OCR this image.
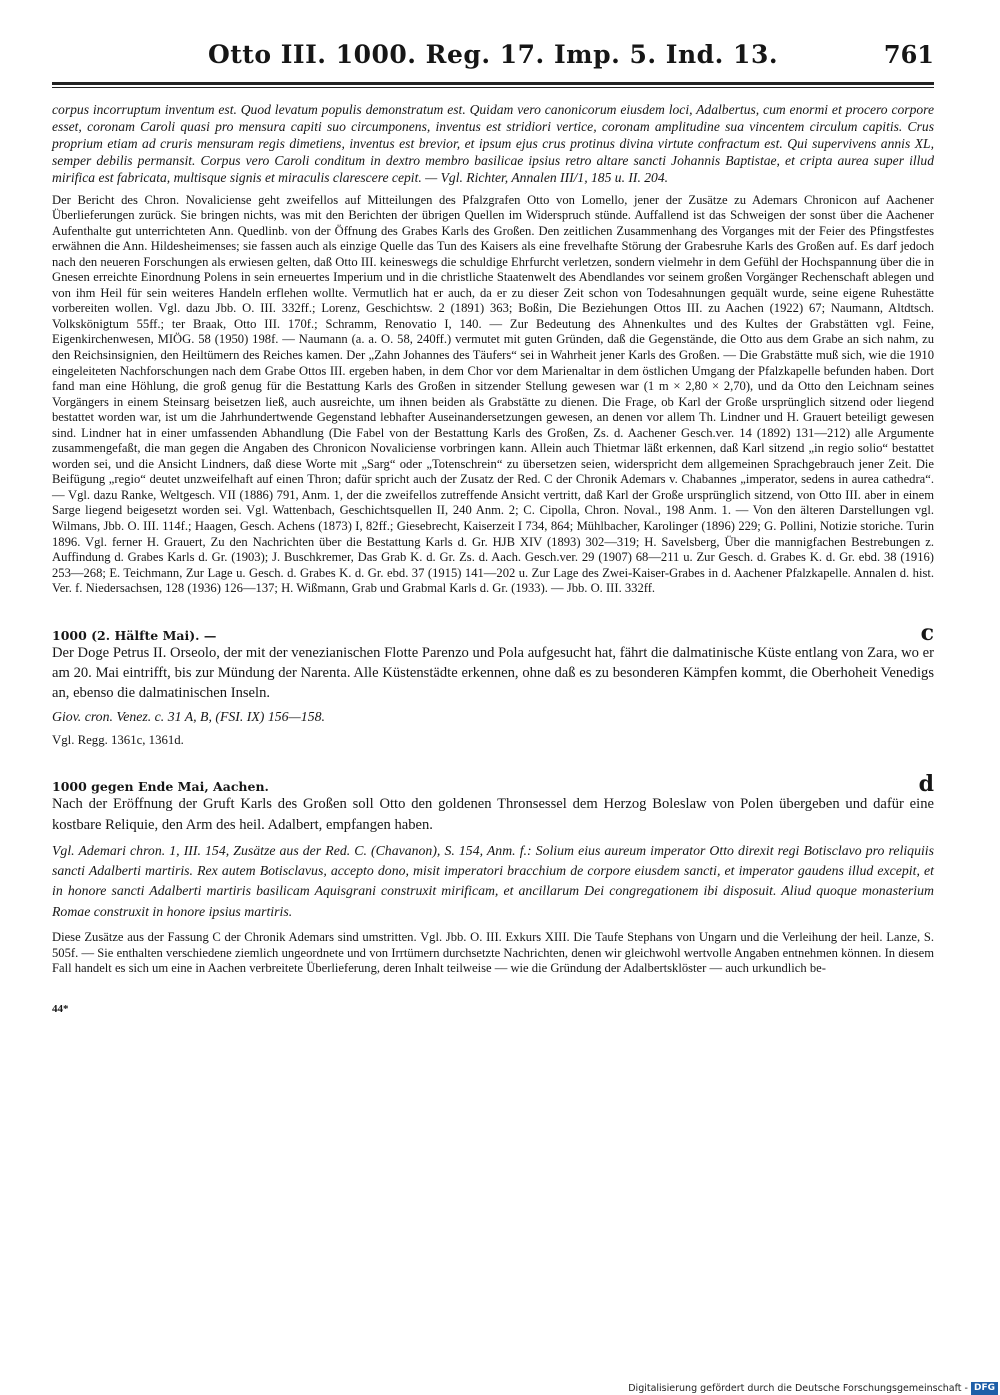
Otto III. 1000. Reg. 17. Imp. 5. Ind. 13.	761

corpus incorruptum inventum est. Quod levatum populis demonstratum est. Quidam vero canonicorum eiusdem loci, Adalbertus, cum enormi et procero corpore esset, coronam Caroli quasi pro mensura capiti suo circumponens, inventus est stridiori vertice, coronam amplitudine sua vincentem circulum capitis. Crus proprium etiam ad cruris mensuram regis dimetiens, inventus est brevior, et ipsum ejus crus protinus divina virtute confractum est. Qui supervivens annis XL, semper debilis permansit. Corpus vero Caroli conditum in dextro membro basilicae ipsius retro altare sancti Johannis Baptistae, et cripta aurea super illud mirifica est fabricata, multisque signis et miraculis clarescere cepit. — Vgl. Richter, Annalen III/1, 185 u. II. 204.

Der Bericht des Chron. Novaliciense geht zweifellos auf Mitteilungen des Pfalzgrafen Otto von Lomello, jener der Zusätze zu Ademars Chronicon auf Aachener Überlieferungen zurück. Sie bringen nichts, was mit den Berichten der übrigen Quellen im Widerspruch stünde. Auffallend ist das Schweigen der sonst über die Aachener Aufenthalte gut unterrichteten Ann. Quedlinb. von der Öffnung des Grabes Karls des Großen. Den zeitlichen Zusammenhang des Vorganges mit der Feier des Pfingstfestes erwähnen die Ann. Hildesheimenses; sie fassen auch als einzige Quelle das Tun des Kaisers als eine frevelhafte Störung der Grabesruhe Karls des Großen auf. Es darf jedoch nach den neueren Forschungen als erwiesen gelten, daß Otto III. keineswegs die schuldige Ehrfurcht verletzen, sondern vielmehr in dem Gefühl der Hochspannung über die in Gnesen erreichte Einordnung Polens in sein erneuertes Imperium und in die christliche Staatenwelt des Abendlandes vor seinem großen Vorgänger Rechenschaft ablegen und von ihm Heil für sein weiteres Handeln erflehen wollte. Vermutlich hat er auch, da er zu dieser Zeit schon von Todesahnungen gequält wurde, seine eigene Ruhestätte vorbereiten wollen. Vgl. dazu Jbb. O. III. 332ff.; Lorenz, Geschichtsw. 2 (1891) 363; Boßin, Die Beziehungen Ottos III. zu Aachen (1922) 67; Naumann, Altdtsch. Volkskönigtum 55ff.; ter Braak, Otto III. 170f.; Schramm, Renovatio I, 140. — Zur Bedeutung des Ahnenkultes und des Kultes der Grabstätten vgl. Feine, Eigenkirchenwesen, MIÖG. 58 (1950) 198f. — Naumann (a. a. O. 58, 240ff.) vermutet mit guten Gründen, daß die Gegenstände, die Otto aus dem Grabe an sich nahm, zu den Reichsinsignien, den Heiltümern des Reiches kamen. Der „Zahn Johannes des Täufers“ sei in Wahrheit jener Karls des Großen. — Die Grabstätte muß sich, wie die 1910 eingeleiteten Nachforschungen nach dem Grabe Ottos III. ergeben haben, in dem Chor vor dem Marienaltar in dem östlichen Umgang der Pfalzkapelle befunden haben. Dort fand man eine Höhlung, die groß genug für die Bestattung Karls des Großen in sitzender Stellung gewesen war (1 m × 2,80 × 2,70), und da Otto den Leichnam seines Vorgängers in einem Steinsarg beisetzen ließ, auch ausreichte, um ihnen beiden als Grabstätte zu dienen. Die Frage, ob Karl der Große ursprünglich sitzend oder liegend bestattet worden war, ist um die Jahrhundertwende Gegenstand lebhafter Auseinandersetzungen gewesen, an denen vor allem Th. Lindner und H. Grauert beteiligt gewesen sind. Lindner hat in einer umfassenden Abhandlung (Die Fabel von der Bestattung Karls des Großen, Zs. d. Aachener Gesch.ver. 14 (1892) 131—212) alle Argumente zusammengefaßt, die man gegen die Angaben des Chronicon Novaliciense vorbringen kann. Allein auch Thietmar läßt erkennen, daß Karl sitzend „in regio solio“ bestattet worden sei, und die Ansicht Lindners, daß diese Worte mit „Sarg“ oder „Totenschrein“ zu übersetzen seien, widerspricht dem allgemeinen Sprachgebrauch jener Zeit. Die Beifügung „regio“ deutet unzweifelhaft auf einen Thron; dafür spricht auch der Zusatz der Red. C der Chronik Ademars v. Chabannes „imperator, sedens in aurea cathedra“. — Vgl. dazu Ranke, Weltgesch. VII (1886) 791, Anm. 1, der die zweifellos zutreffende Ansicht vertritt, daß Karl der Große ursprünglich sitzend, von Otto III. aber in einem Sarge liegend beigesetzt worden sei. Vgl. Wattenbach, Geschichtsquellen II, 240 Anm. 2; C. Cipolla, Chron. Noval., 198 Anm. 1. — Von den älteren Darstellungen vgl. Wilmans, Jbb. O. III. 114f.; Haagen, Gesch. Achens (1873) I, 82ff.; Giesebrecht, Kaiserzeit I 734, 864; Mühlbacher, Karolinger (1896) 229; G. Pollini, Notizie storiche. Turin 1896. Vgl. ferner H. Grauert, Zu den Nachrichten über die Bestattung Karls d. Gr. HJB XIV (1893) 302—319; H. Savelsberg, Über die mannigfachen Bestrebungen z. Auffindung d. Grabes Karls d. Gr. (1903); J. Buschkremer, Das Grab K. d. Gr. Zs. d. Aach. Gesch.ver. 29 (1907) 68—211 u. Zur Gesch. d. Grabes K. d. Gr. ebd. 38 (1916) 253—268; E. Teichmann, Zur Lage u. Gesch. d. Grabes K. d. Gr. ebd. 37 (1915) 141—202 u. Zur Lage des Zwei-Kaiser-Grabes in d. Aachener Pfalzkapelle. Annalen d. hist. Ver. f. Niedersachsen, 128 (1936) 126—137; H. Wißmann, Grab und Grabmal Karls d. Gr. (1933). — Jbb. O. III. 332ff.

1000 (2. Hälfte Mai). —	c

Der Doge Petrus II. Orseolo, der mit der venezianischen Flotte Parenzo und Pola aufgesucht hat, fährt die dalmatinische Küste entlang von Zara, wo er am 20. Mai eintrifft, bis zur Mündung der Narenta. Alle Küstenstädte erkennen, ohne daß es zu besonderen Kämpfen kommt, die Oberhoheit Venedigs an, ebenso die dalmatinischen Inseln.

Giov. cron. Venez. c. 31 A, B, (FSI. IX) 156—158.

Vgl. Regg. 1361c, 1361d.

1000 gegen Ende Mai, Aachen.	d

Nach der Eröffnung der Gruft Karls des Großen soll Otto den goldenen Thronsessel dem Herzog Boleslaw von Polen übergeben und dafür eine kostbare Reliquie, den Arm des heil. Adalbert, empfangen haben.

Vgl. Ademari chron. 1, III. 154, Zusätze aus der Red. C. (Chavanon), S. 154, Anm. f.: Solium eius aureum imperator Otto direxit regi Botisclavo pro reliquiis sancti Adalberti martiris. Rex autem Botisclavus, accepto dono, misit imperatori bracchium de corpore eiusdem sancti, et imperator gaudens illud excepit, et in honore sancti Adalberti martiris basilicam Aquisgrani construxit mirificam, et ancillarum Dei congregationem ibi disposuit. Aliud quoque monasterium Romae construxit in honore ipsius martiris.

Diese Zusätze aus der Fassung C der Chronik Ademars sind umstritten. Vgl. Jbb. O. III. Exkurs XIII. Die Taufe Stephans von Ungarn und die Verleihung der heil. Lanze, S. 505f. — Sie enthalten verschiedene ziemlich ungeordnete und von Irrtümern durchsetzte Nachrichten, denen wir gleichwohl wertvolle Angaben entnehmen können. In diesem Fall handelt es sich um eine in Aachen verbreitete Überlieferung, deren Inhalt teilweise — wie die Gründung der Adalbertsklöster — auch urkundlich be-

44*
Digitalisierung gefördert durch die Deutsche Forschungsgemeinschaft - DFG
